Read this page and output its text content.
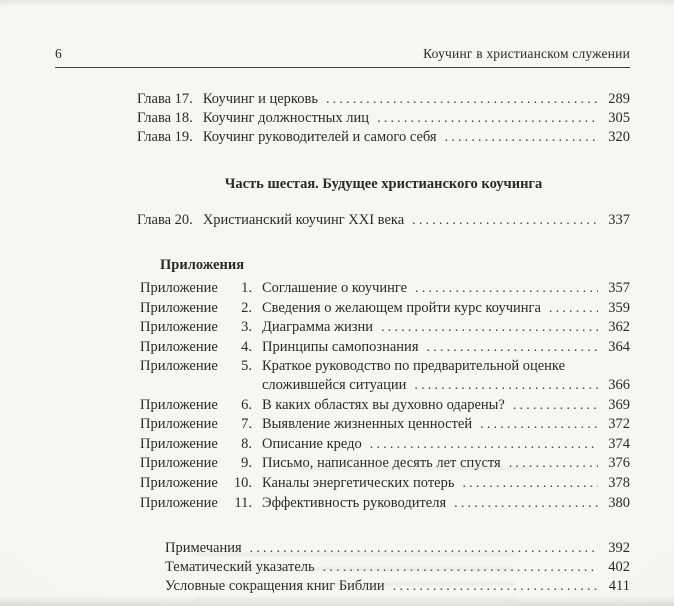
6	Коучинг в христианском служении
Глава 17. Коучинг и церковь .....	289
Глава 18. Коучинг должностных лиц .....	305
Глава 19. Коучинг руководителей и самого себя .....	320
Часть шестая. Будущее христианского коучинга
Глава 20. Христианский коучинг XXI века .....	337
Приложения
Приложение 1. Соглашение о коучинге .....	357
Приложение 2. Сведения о желающем пройти курс коучинга .....	359
Приложение 3. Диаграмма жизни .....	362
Приложение 4. Принципы самопознания .....	364
Приложение 5. Краткое руководство по предварительной оценке
сложившейся ситуации .....	366
Приложение 6. В каких областях вы духовно одарены? .....	369
Приложение 7. Выявление жизненных ценностей .....	372
Приложение 8. Описание кредо .....	374
Приложение 9. Письмо, написанное десять лет спустя .....	376
Приложение 10. Каналы энергетических потерь .....	378
Приложение 11. Эффективность руководителя .....	380
Примечания .....	392
Тематический указатель .....	402
Условные сокращения книг Библии .....	411
